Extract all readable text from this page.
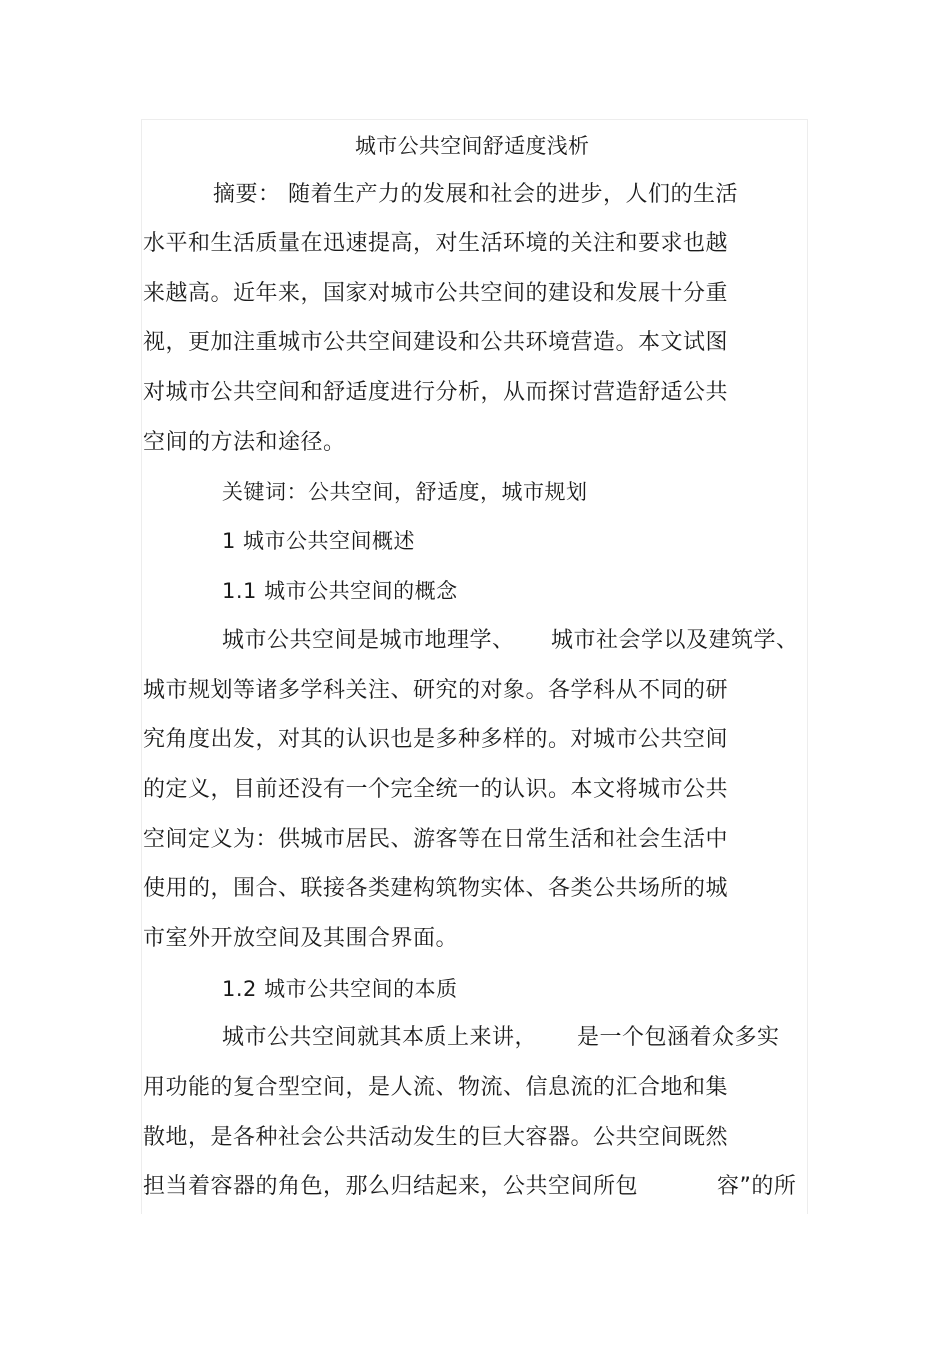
城市公共空间舒适度浅析
摘要： 随着生产力的发展和社会的进步，人们的生活
水平和生活质量在迅速提高，对生活环境的关注和要求也越
来越高。近年来，国家对城市公共空间的建设和发展十分重
视，更加注重城市公共空间建设和公共环境营造。本文试图
对城市公共空间和舒适度进行分析，从而探讨营造舒适公共
空间的方法和途径。
关键词：公共空间，舒适度，城市规划
1 城市公共空间概述
1.1 城市公共空间的概念
城市公共空间是城市地理学、 城市社会学以及建筑学、
城市规划等诸多学科关注、研究的对象。各学科从不同的研
究角度出发，对其的认识也是多种多样的。对城市公共空间
的定义，目前还没有一个完全统一的认识。本文将城市公共
空间定义为：供城市居民、游客等在日常生活和社会生活中
使用的，围合、联接各类建构筑物实体、各类公共场所的城
市室外开放空间及其围合界面。
1.2 城市公共空间的本质
城市公共空间就其本质上来讲， 是一个包涵着众多实
用功能的复合型空间，是人流、物流、信息流的汇合地和集
散地，是各种社会公共活动发生的巨大容器。公共空间既然
担当着容器的角色，那么归结起来，公共空间所包	容”的所
